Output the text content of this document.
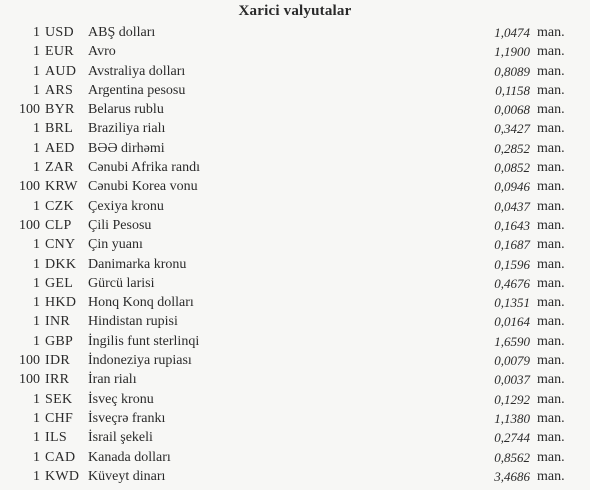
Xarici valyutalar
1 USD	ABŞ dolları	1,0474 man.
1 EUR	Avro	1,1900 man.
1 AUD Avstraliya dolları	0,8089 man.
1 ARS	Argentina pesosu	0,1158 man.
100 BYR Belarus rublu	0,0068 man.
1 BRL	Braziliya rialı	0,3427 man.
1 AED BƏƏ dirhəmi	0,2852 man.
1 ZAR	Cənubi Afrika randı	0,0852 man.
100 KRW Cənubi Korea vonu	0,0946 man.
1 CZK	Çexiya kronu	0,0437 man.
100 CLP	Çili Pesosu	0,1643 man.
1 CNY Çin yuanı	0,1687 man.
1 DKK Danimarka kronu	0,1596 man.
1 GEL	Gürcü larisi	0,4676 man.
1 HKD Honq Konq dolları	0,1351 man.
1 INR	Hindistan rupisi	0,0164 man.
1 GBP	İngilis funt sterlinqi	1,6590 man.
100 IDR	İndoneziya rupiası	0,0079 man.
100 IRR	İran rialı	0,0037 man.
1 SEK	İsveç kronu	0,1292 man.
1 CHF	İsveçrə frankı	1,1380 man.
1 ILS	İsrail şekeli	0,2744 man.
1 CAD Kanada dolları	0,8562 man.
1 KWD Küveyt dinarı	3,4686 man.
